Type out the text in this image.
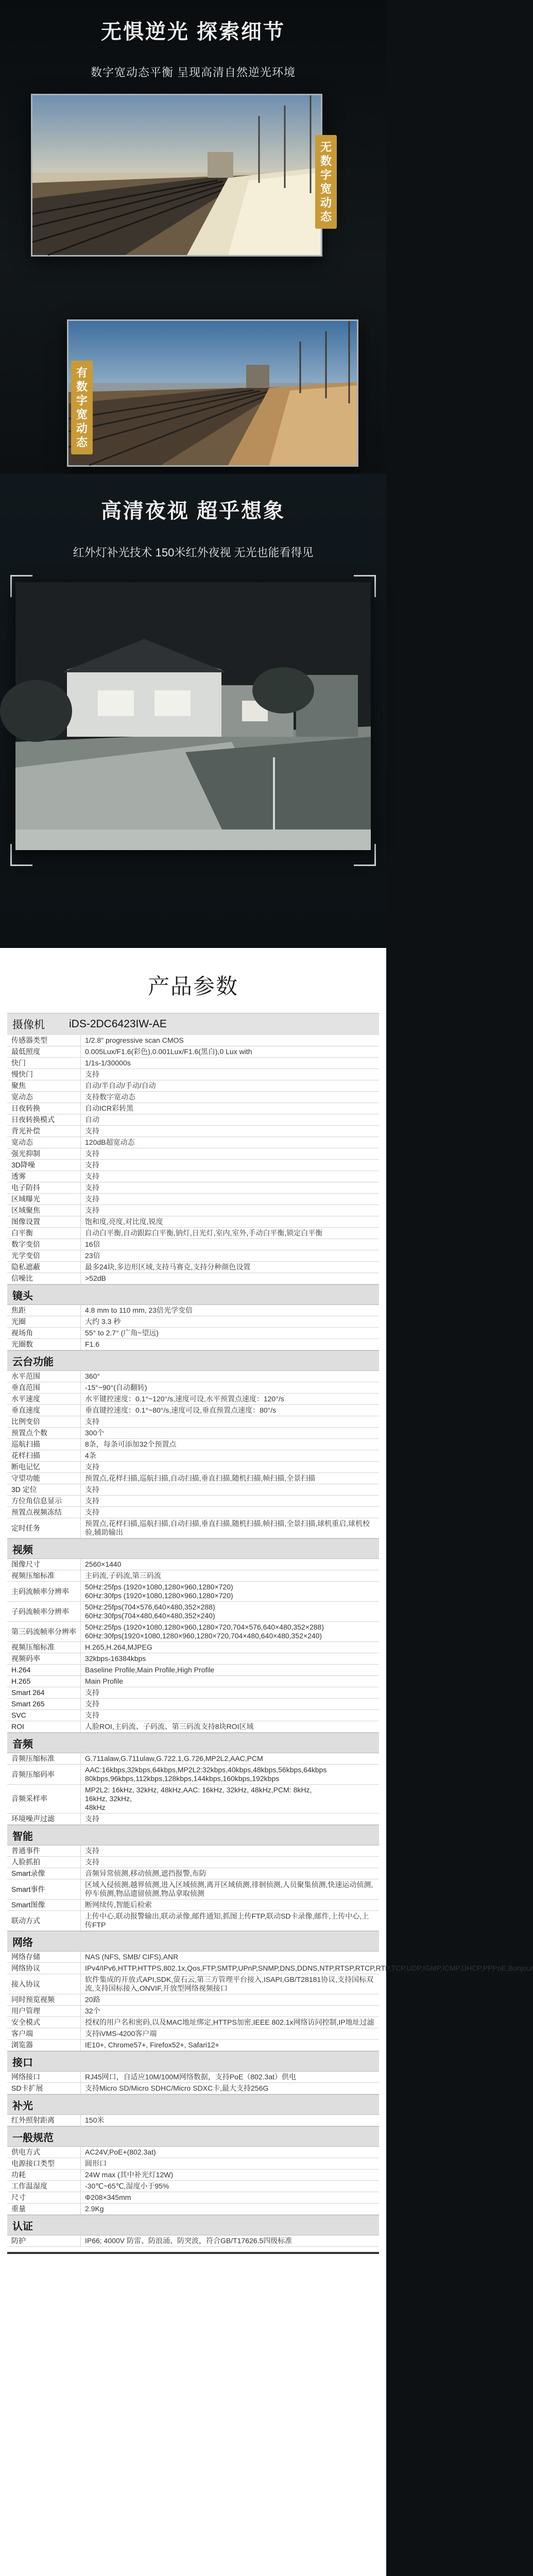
无惧逆光 探索细节
数字宽动态平衡 呈现高清自然逆光环境
无
数
字
宽
动
态
有
数
字
宽
动
态
高清夜视 超乎想象
红外灯补光技术 150米红外夜视 无光也能看得见
产品参数
摄像机	iDS-2DC6423IW-AE
传感器类型	1/2.8" progressive scan CMOS
最低照度	0.005Lux/F1.6(彩色),0.001Lux/F1.6(黑白),0 Lux with
快门	1/1s-1/30000s
慢快门	支持
聚焦	自动/半自动/手动/自动
宽动态	支持数字宽动态
日夜转换	自动ICR彩转黑
日夜转换模式	自动
背光补偿	支持
宽动态	120dB超宽动态
强光抑制	支持
3D降噪	支持
透雾	支持
电子防抖	支持
区域曝光	支持
区域聚焦	支持
图像设置	饱和度,亮度,对比度,锐度
白平衡	自动白平衡,自动跟踪白平衡,钠灯,日光灯,室内,室外,手动白平衡,锁定白平衡
数字变倍	16倍
光学变倍	23倍
隐私遮蔽	最多24块,多边形区域,支持马赛克,支持分种颜色设置
信噪比	>52dB
镜头
焦距	4.8 mm to 110 mm, 23倍光学变倍
光圈	大约 3.3 秒
视场角	55° to 2.7° (广角~望远)
光圈数	F1.6
云台功能
水平范围	360°
垂直范围	-15°~90°(自动翻转)
水平速度	水平键控速度：0.1°~120°/s,速度可设,水平预置点速度：120°/s
垂直速度	垂直键控速度：0.1°~80°/s,速度可设,垂直预置点速度：80°/s
比例变倍	支持
预置点个数	300个
巡航扫描	8条，每条可添加32个预置点
花样扫描	4条
断电记忆	支持
守望功能	预置点,花样扫描,巡航扫描,自动扫描,垂直扫描,随机扫描,帧扫描,全景扫描
3D 定位	支持
方位角信息显示	支持
预置点视频冻结	支持
定时任务	预置点,花样扫描,巡航扫描,自动扫描,垂直扫描,随机扫描,帧扫描,全景扫描,球机重启,球机校验,辅助输出
视频
图像尺寸	2560×1440
视频压缩标准	主码流,子码流,第三码流
主码流帧率分辨率	50Hz:25fps (1920×1080,1280×960,1280×720)
60Hz:30fps (1920×1080,1280×960,1280×720)
子码流帧率分辨率	50Hz:25fps(704×576,640×480,352×288)
60Hz:30fps(704×480,640×480,352×240)
第三码流帧率分辨率	50Hz:25fps (1920×1080,1280×960,1280×720,704×576,640×480,352×288)
60Hz:30fps(1920×1080,1280×960,1280×720,704×480,640×480,352×240)
视频压缩标准	H.265,H.264,MJPEG
视频码率	32kbps-16384kbps
H.264	Baseline Profile,Main Profile,High Profile
H.265	Main Profile
Smart 264	支持
Smart 265	支持
SVC	支持
ROI	人脸ROI,主码流、子码流、第三码流支持8块ROI区域
音频
音频压缩标准	G.711alaw,G.711ulaw,G.722.1,G.726,MP2L2,AAC,PCM
音频压缩码率	AAC:16kbps,32kbps,64kbps,MP2L2:32kbps,40kbps,48kbps,56kbps,64kbps
80kbps,96kbps,112kbps,128kbps,144kbps,160kbps,192kbps
音频采样率	MP2L2: 16kHz, 32kHz, 48kHz,AAC: 16kHz, 32kHz, 48kHz,PCM: 8kHz,
16kHz, 32kHz,
48kHz
环境噪声过滤	支持
智能
普通事件	支持
人脸抓拍	支持
Smart录像	音频异常侦测,移动侦测,遮挡报警,布防
Smart事件	区域入侵侦测,越界侦测,进入区域侦测,离开区域侦测,徘徊侦测,人员聚集侦测,快速运动侦测,停车侦测,物品遗留侦测,物品拿取侦测
Smart图像	断网续传,智能后检索
联动方式	上传中心,联动报警输出,联动录像,邮件通知,抓图上传FTP,联动SD卡录像,邮件,上传中心,上传FTP
网络
网络存储	NAS (NFS, SMB/ CIFS),ANR
网络协议	IPv4/IPv6,HTTP,HTTPS,802.1x,Qos,FTP,SMTP,UPnP,SNMP,DNS,DDNS,NTP,RTSP,RTCP,RTP,TCP,UDP,IGMP,ICMP,DHCP,PPPoE,Bonjour
接入协议	软件集成的开放式API,SDK,萤石云,第三方管理平台接入,ISAPI,GB/T28181协议,支持国标双流,支持国标接入,ONVIF,开放型网络视频接口
同时预览视频	20路
用户管理	32个
安全模式	授权的用户名和密码,以及MAC地址绑定,HTTPS加密,IEEE 802.1x网络访问控制,IP地址过滤
客户端	支持iVMS-4200客户端
浏览器	IE10+, Chrome57+, Firefox52+, Safari12+
接口
网络接口	RJ45网口，自适应10M/100M网络数据，支持PoE（802.3at）供电
SD卡扩展	支持Micro SD/Micro SDHC/Micro SDXC卡,最大支持256G
补光
红外照射距离	150米
一般规范
供电方式	AC24V,PoE+(802.3at)
电源接口类型	圆形口
功耗	24W max (其中补光灯12W)
工作温湿度	-30℃~65℃,湿度小于95%
尺寸	Φ208×345mm
重量	2.9Kg
认证
防护	IP66; 4000V 防雷、防浪涌、防突波，符合GB/T17626.5四级标准
